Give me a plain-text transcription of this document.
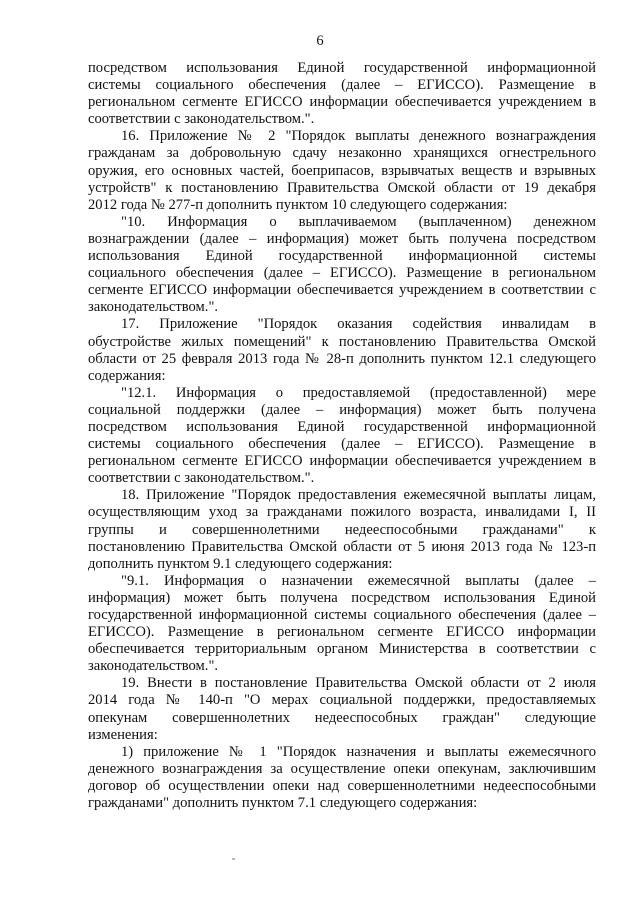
6
посредством использования Единой государственной информационной
системы социального обеспечения (далее – ЕГИССО). Размещение в
региональном сегменте ЕГИССО информации обеспечивается учреждением в
соответствии с законодательством.".
16. Приложение № 2 "Порядок выплаты денежного вознаграждения
гражданам за добровольную сдачу незаконно хранящихся огнестрельного
оружия, его основных частей, боеприпасов, взрывчатых веществ и взрывных
устройств" к постановлению Правительства Омской области от 19 декабря
2012 года № 277-п дополнить пунктом 10 следующего содержания:
"10. Информация о выплачиваемом (выплаченном) денежном
вознаграждении (далее – информация) может быть получена посредством
использования Единой государственной информационной системы
социального обеспечения (далее – ЕГИССО). Размещение в региональном
сегменте ЕГИССО информации обеспечивается учреждением в соответствии с
законодательством.".
17. Приложение "Порядок оказания содействия инвалидам в
обустройстве жилых помещений" к постановлению Правительства Омской
области от 25 февраля 2013 года № 28-п дополнить пунктом 12.1 следующего
содержания:
"12.1. Информация о предоставляемой (предоставленной) мере
социальной поддержки (далее – информация) может быть получена
посредством использования Единой государственной информационной
системы социального обеспечения (далее – ЕГИССО). Размещение в
региональном сегменте ЕГИССО информации обеспечивается учреждением в
соответствии с законодательством.".
18. Приложение "Порядок предоставления ежемесячной выплаты лицам,
осуществляющим уход за гражданами пожилого возраста, инвалидами I, II
группы и совершеннолетними недееспособными гражданами" к
постановлению Правительства Омской области от 5 июня 2013 года № 123-п
дополнить пунктом 9.1 следующего содержания:
"9.1. Информация о назначении ежемесячной выплаты (далее –
информация) может быть получена посредством использования Единой
государственной информационной системы социального обеспечения (далее –
ЕГИССО). Размещение в региональном сегменте ЕГИССО информации
обеспечивается территориальным органом Министерства в соответствии с
законодательством.".
19. Внести в постановление Правительства Омской области от 2 июля
2014 года № 140-п "О мерах социальной поддержки, предоставляемых
опекунам совершеннолетних недееспособных граждан" следующие
изменения:
1) приложение № 1 "Порядок назначения и выплаты ежемесячного
денежного вознаграждения за осуществление опеки опекунам, заключившим
договор об осуществлении опеки над совершеннолетними недееспособными
гражданами" дополнить пунктом 7.1 следующего содержания:
